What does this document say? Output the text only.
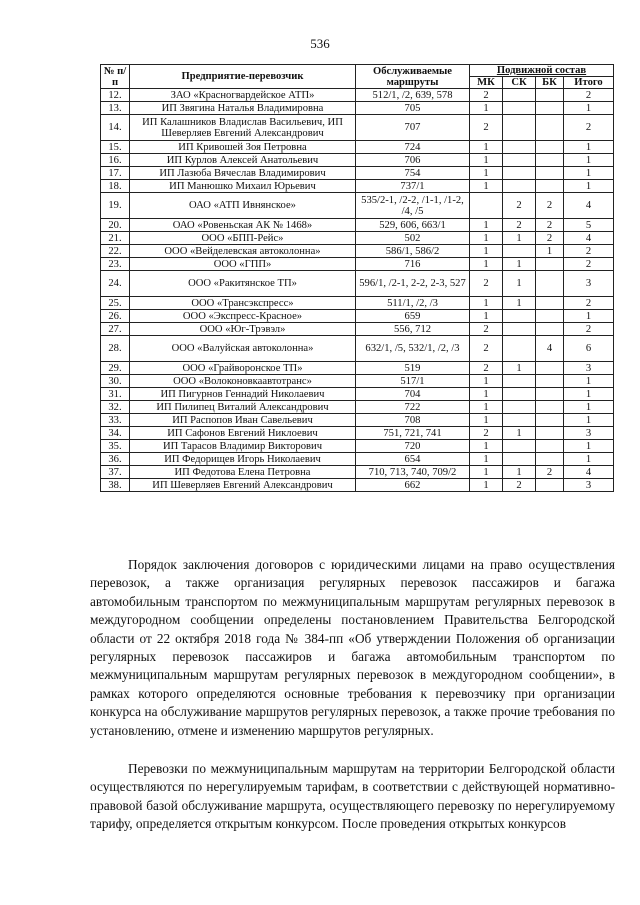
536
№ п/п	Предприятие-перевозчик	Обслуживаемые маршруты	Подвижной состав			
			МК	СК	БК	Итого
12.	ЗАО «Красногвардейское АТП»	512/1, /2, 639, 578	2			2
13.	ИП Звягина Наталья Владимировна	705	1			1
14.	ИП Калашников Владислав Васильевич, ИП Шеверляев Евгений Александрович	707	2			2
15.	ИП Кривошей Зоя Петровна	724	1			1
16.	ИП Курлов Алексей Анатольевич	706	1			1
17.	ИП Лазюба Вячеслав Владимирович	754	1			1
18.	ИП Манюшко Михаил Юрьевич	737/1	1			1
19.	ОАО «АТП Ивнянское»	535/2-1, /2-2, /1-1, /1-2, /4, /5		2	2	4
20.	ОАО «Ровеньская АК № 1468»	529, 606, 663/1	1	2	2	5
21.	ООО «БПП-Рейс»	502	1	1	2	4
22.	ООО «Вейделевская автоколонна»	586/1, 586/2	1		1	2
23.	ООО «ГПП»	716	1	1		2
24.	ООО «Ракитянское ТП»	596/1, /2-1, 2-2, 2-3, 527	2	1		3
25.	ООО «Трансэкспресс»	511/1, /2, /3	1	1		2
26.	ООО «Экспресс-Красное»	659	1			1
27.	ООО «Юг-Трэвэл»	556, 712	2			2
28.	ООО «Валуйская автоколонна»	632/1, /5, 532/1, /2, /3	2		4	6
29.	ООО «Грайворонское ТП»	519	2	1		3
30.	ООО «Волоконовкаавтотранс»	517/1	1			1
31.	ИП Пигурнов Геннадий Николаевич	704	1			1
32.	ИП Пилипец Виталий Александрович	722	1			1
33.	ИП Распопов Иван Савельевич	708	1			1
34.	ИП Сафонов Евгений Никлоевич	751, 721, 741	2	1		3
35.	ИП Тарасов Владимир Викторович	720	1			1
36.	ИП Федорищев Игорь Николаевич	654	1			1
37.	ИП Федотова Елена Петровна	710, 713, 740, 709/2	1	1	2	4
38.	ИП Шеверляев Евгений Александрович	662	1	2		3
Порядок заключения договоров с юридическими лицами на право осуществления перевозок, а также организация регулярных перевозок пассажиров и багажа автомобильным транспортом по межмуниципальным маршрутам регулярных перевозок в междугородном сообщении определены постановлением Правительства Белгородской области от 22 октября 2018 года № 384-пп «Об утверждении Положения об организации регулярных перевозок пассажиров и багажа автомобильным транспортом по межмуниципальным маршрутам регулярных перевозок в междугородном сообщении», в рамках которого определяются основные требования к перевозчику при организации конкурса на обслуживание маршрутов регулярных перевозок, а также прочие требования по установлению, отмене и изменению маршрутов регулярных.
Перевозки по межмуниципальным маршрутам на территории Белгородской области осуществляются по нерегулируемым тарифам, в соответствии с действующей нормативно-правовой базой обслуживание маршрута, осуществляющего перевозку по нерегулируемому тарифу, определяется открытым конкурсом. После проведения открытых конкурсов
